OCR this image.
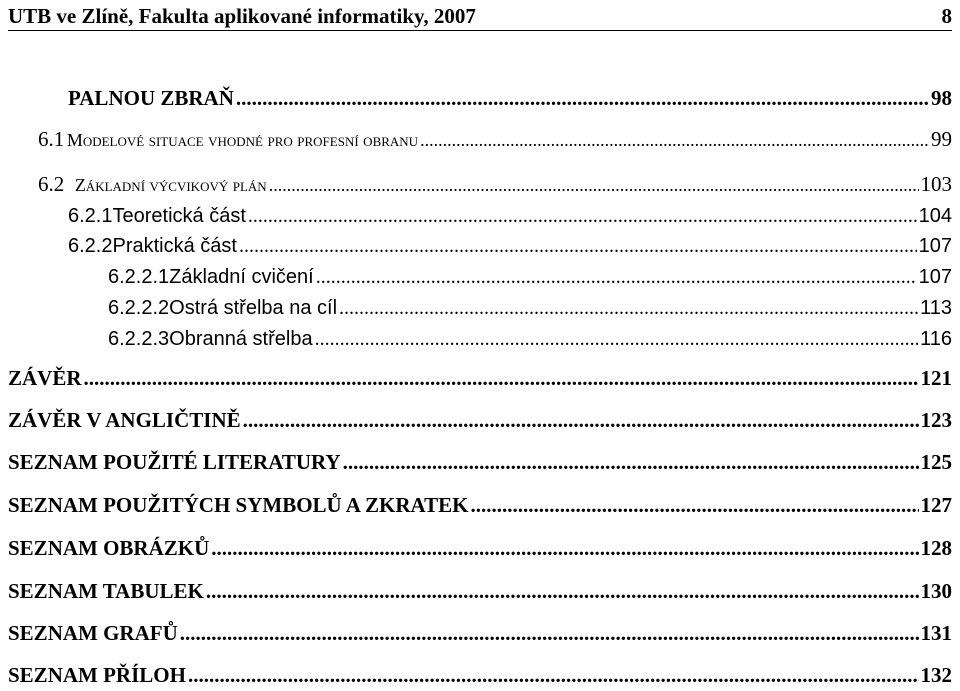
UTB ve Zlíně, Fakulta aplikované informatiky, 2007	8
PALNOU ZBRAŇ .....	98
6.1 Modelové situace vhodné pro profesní obranu .....	99
6.2 Základní výcvikový plán .....	103
6.2.1 Teoretická část .....	104
6.2.2 Praktická část .....	107
6.2.2.1 Základní cvičení .....	107
6.2.2.2 Ostrá střelba na cíl .....	113
6.2.2.3 Obranná střelba .....	116
ZÁVĚR .....	121
ZÁVĚR V ANGLIČTINĚ .....	123
SEZNAM POUŽITÉ LITERATURY .....	125
SEZNAM POUŽITÝCH SYMBOLŮ A ZKRATEK .....	127
SEZNAM OBRÁZKŮ .....	128
SEZNAM TABULEK .....	130
SEZNAM GRAFŮ .....	131
SEZNAM PŘÍLOH .....	132
